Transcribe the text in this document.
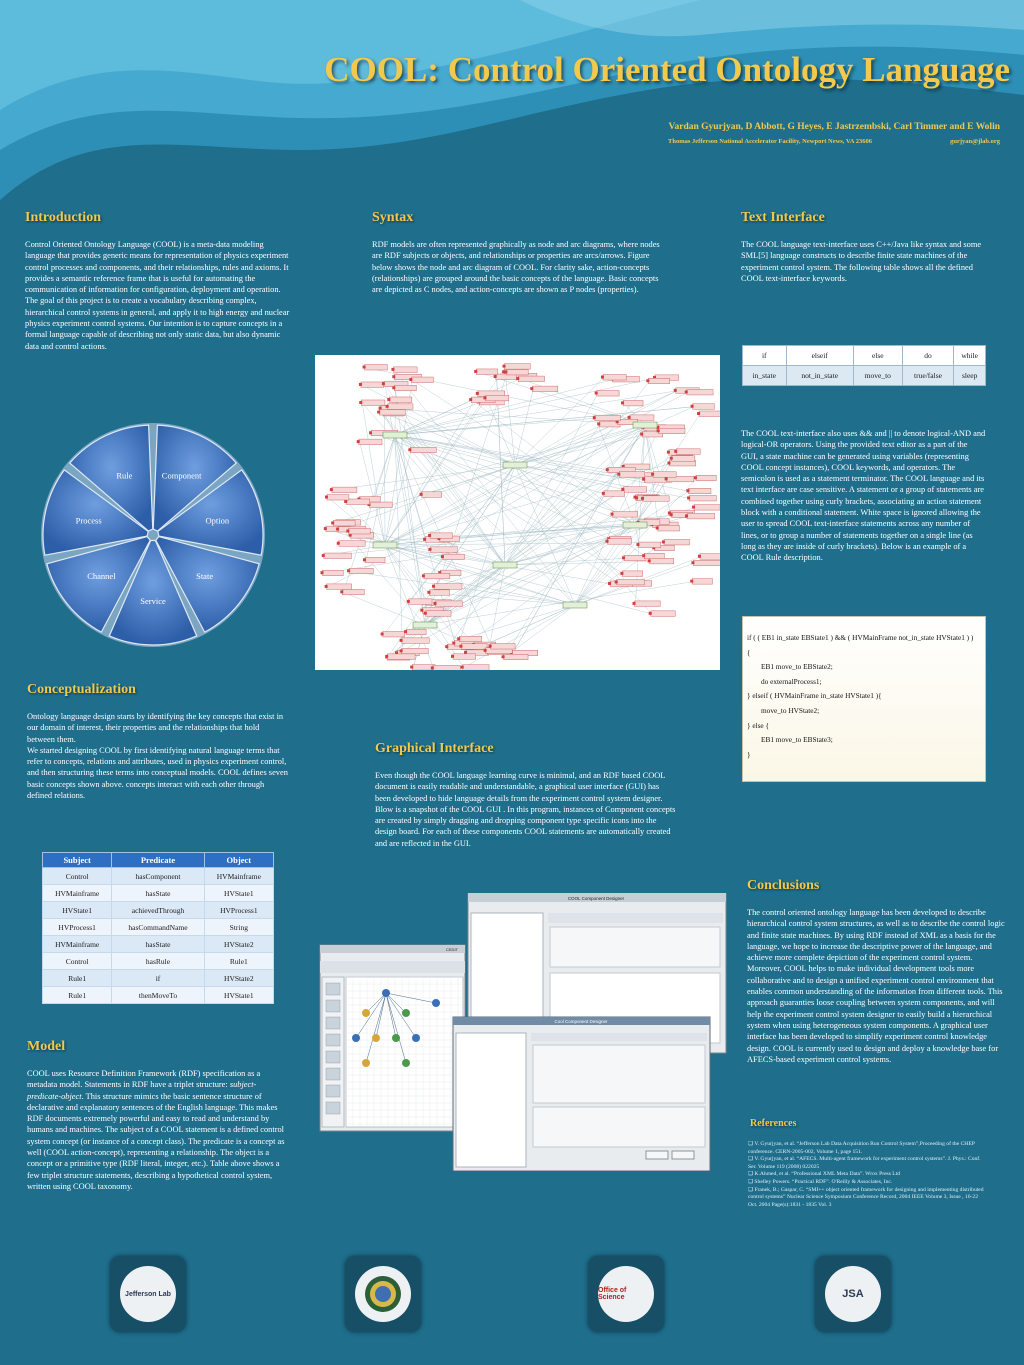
COOL: Control Oriented Ontology Language
Vardan Gyurjyan, D Abbott, G Heyes, E Jastrzembski, Carl Timmer and E Wolin
Thomas Jefferson National Accelerator Facility, Newport News, VA 23606	gurjyan@jlab.org
Introduction

Control Oriented Ontology Language (COOL) is a meta-data modeling language that provides generic means for representation of physics experiment control processes and components, and their relationships, rules and axioms. It provides a semantic reference frame that is useful for automating the communication of information for configuration, deployment and operation.

The goal of this project is to create a vocabulary describing complex, hierarchical control systems in general, and apply it to high energy and nuclear physics experiment control systems. Our intention is to capture concepts in a formal language capable of describing not only static data, but also dynamic data and control actions.

Rule	Component
Option
State
Service
Channel
Process
Conceptualization

Ontology language design starts by identifying the key concepts that exist in our domain of interest, their properties and the relationships that hold between them.

We started designing COOL by first identifying natural language terms that refer to concepts, relations and attributes, used in physics experiment control, and then structuring these terms into conceptual models. COOL defines seven basic concepts shown above. concepts interact with each other through defined relations.

Subject	Predicate	Object
Control	hasComponent	HVMainframe
HVMainframe	hasState	HVState1
HVState1	achievedThrough	HVProcess1
HVProcess1	hasCommandName	String
HVMainframe	hasState	HVState2
Control	hasRule	Rule1
Rule1	if	HVState2
Rule1	thenMoveTo	HVState1
Model

COOL uses Resource Definition Framework (RDF) specification as a metadata model. Statements in RDF have a triplet structure: subject-predicate-object. This structure mimics the basic sentence structure of declarative and explanatory sentences of the English language. This makes RDF documents extremely powerful and easy to read and understand by humans and machines. The subject of a COOL statement is a defined control system concept (or instance of a concept class). The predicate is a concept as well (COOL action-concept), representing a relationship. The object is a concept or a primitive type (RDF literal, integer, etc.). Table above shows a few triplet structure statements, describing a hypothetical control system, written using COOL taxonomy.

Syntax
RDF models are often represented graphically as node and arc diagrams, where nodes are RDF subjects or objects, and relationships or properties are arcs/arrows. Figure below shows the node and arc diagram of COOL. For clarity sake, action-concepts (relationships) are grouped around the basic concepts of the language. Basic concepts are depicted as C nodes, and action-concepts are shown as P nodes (properties).
Graphical Interface
Even though the COOL language learning curve is minimal, and an RDF based COOL document is easily readable and understandable, a graphical user interface (GUI) has been developed to hide language details from the experiment control system designer. Blow is a snapshot of the COOL GUI . In this program, instances of Component concepts are created by simply dragging and dropping component type specific icons into the design board. For each of these components COOL statements are automatically created and are reflected in the GUI.
COOL Component Designer
CEDIT
Cool Component Designer
Text Interface
The COOL language text-interface uses C++/Java like syntax and some SML[5] language constructs to describe finite state machines of the experiment control system. The following table shows all the defined COOL text-interface keywords.
if	elseif	else	do	while
in_state	not_in_state	move_to	true/false	sleep
The COOL text-interface also uses && and || to denote logical-AND and logical-OR operators. Using the provided text editor as a part of the GUI, a state machine can be generated using variables (representing COOL concept instances), COOL keywords, and operators. The semicolon is used as a statement terminator. The COOL language and its text interface are case sensitive. A statement or a group of statements are combined together using curly brackets, associating an action statement block with a conditional statement. White space is ignored allowing the user to spread COOL text-interface statements across any number of lines, or to group a number of statements together on a single line (as long as they are inside of curly brackets). Below is an example of a COOL Rule description.
if ( ( EB1 in_state EBState1 ) && ( HVMainFrame not_in_state HVState1 ) )
{
EB1 move_to EBState2;
do externalProcess1;
} elseif ( HVMainFrame in_state HVState1 ){
move_to HVState2;
} else {
EB1 move_to EBState3;
}
Conclusions
The control oriented ontology language has been developed to describe hierarchical control system structures, as well as to describe the control logic and finite state machines. By using RDF instead of XML as a basis for the language, we hope to increase the descriptive power of the language, and achieve more complete depiction of the experiment control system. Moreover, COOL helps to make individual development tools more collaborative and to design a unified experiment control environment that enables common understanding of the information from different tools. This approach guaranties loose coupling between system components, and will help the experiment control system designer to easily build a hierarchical system when using heterogeneous system components. A graphical user interface has been developed to simplify experiment control knowledge design. COOL is currently used to design and deploy a knowledge base for AFECS-based experiment control systems.
References

❑ V. Gyurjyan, et al. “Jefferson Lab Data Acquisition Run Control System”,Proceeding of the CHEP conference. CERN-2005-002, Volume 1, page 151.

❑ V. Gyurjyan, et al. “AFECS. Multi-agent framework for experiment control systems”. J. Phys.: Conf. Ser. Volume 119 (2008) 022025

❑ K.Ahmed, et al. “Professional XML Meta Data”. Wrox Press Ltd

❑ Shelley Powers. “Practical RDF”. O'Reilly & Associates, Inc.

❑ Franek, B.; Gaspar, C. “SMI++ object oriented framework for designing and implementing distributed control systems” Nuclear Science Symposium Conference Record, 2004 IEEE Volume 3, Issue , 16-22 Oct. 2004 Page(s):1831 - 1835 Vol. 3

Jefferson Lab	Office of Science	JSA
